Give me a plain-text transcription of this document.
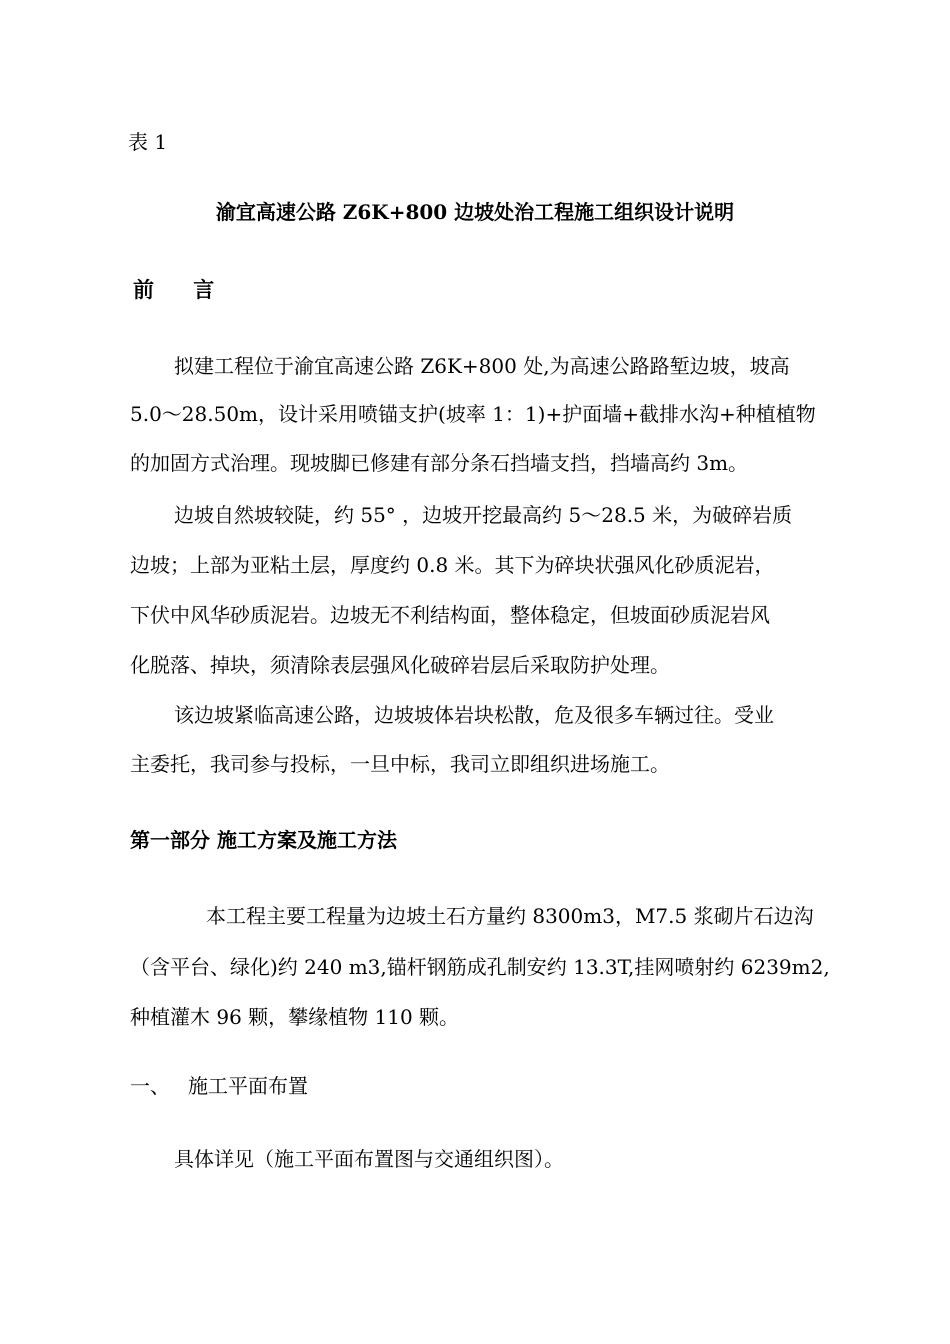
表 1
渝宜高速公路 Z6K+800 边坡处治工程施工组织设计说明
前 言
拟建工程位于渝宜高速公路 Z6K+800 处,为高速公路路堑边坡，坡高
5.0～28.50m，设计采用喷锚支护(坡率 1：1)+护面墙+截排水沟+种植植物
的加固方式治理。现坡脚已修建有部分条石挡墙支挡，挡墙高约 3m。
边坡自然坡较陡，约 55° ，边坡开挖最高约 5～28.5 米，为破碎岩质
边坡；上部为亚粘土层，厚度约 0.8 米。其下为碎块状强风化砂质泥岩，
下伏中风华砂质泥岩。边坡无不利结构面，整体稳定，但坡面砂质泥岩风
化脱落、掉块，须清除表层强风化破碎岩层后采取防护处理。
该边坡紧临高速公路，边坡坡体岩块松散，危及很多车辆过往。受业
主委托，我司参与投标，一旦中标，我司立即组织进场施工。
第一部分 施工方案及施工方法
本工程主要工程量为边坡土石方量约 8300m3，M7.5 浆砌片石边沟
（含平台、绿化)约 240 m3,锚杆钢筋成孔制安约 13.3T,挂网喷射约 6239m2,
种植灌木 96 颗，攀缘植物 110 颗。
一、 施工平面布置
具体详见（施工平面布置图与交通组织图）。
